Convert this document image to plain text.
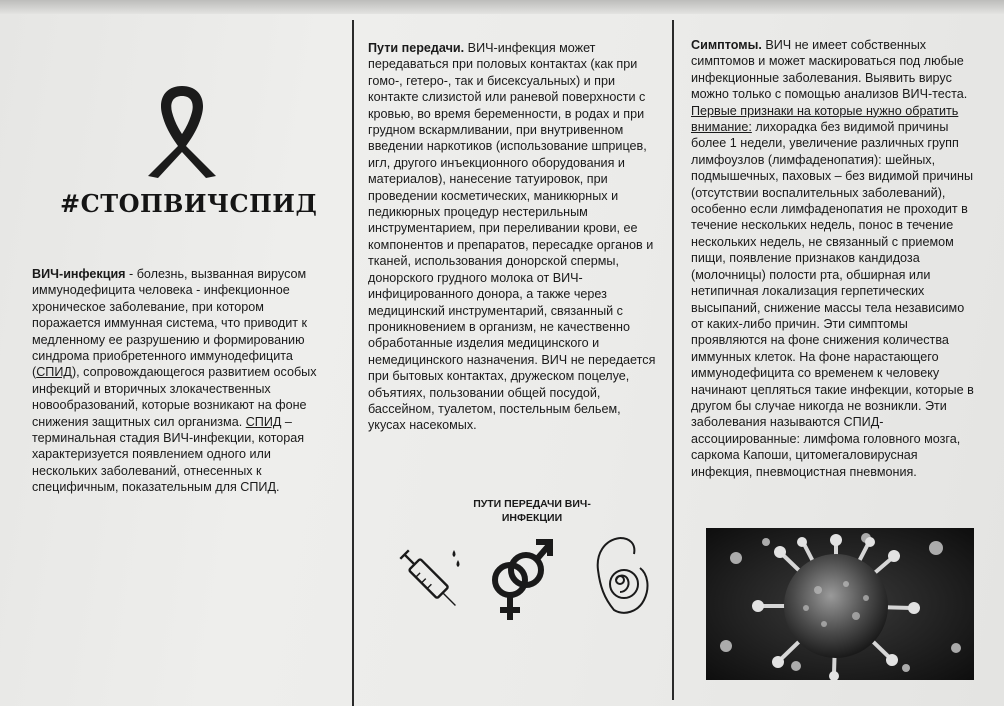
#СТОПВИЧСПИД
ВИЧ-инфекция - болезнь, вызванная вирусом иммунодефицита человека - инфекционное хроническое заболевание, при котором поражается иммунная система, что приводит к медленному ее разрушению и формированию синдрома приобретенного иммунодефицита (СПИД), сопровождающегося развитием особых инфекций и вторичных злокачественных новообразований, которые возникают на фоне снижения защитных сил организма. СПИД – терминальная стадия ВИЧ-инфекции, которая характеризуется появлением одного или нескольких заболеваний, отнесенных к специфичным, показательным для СПИД.
Пути передачи. ВИЧ-инфекция может передаваться при половых контактах (как при гомо-, гетеро-, так и бисексуальных) и при контакте слизистой или раневой поверхности с кровью, во время беременности, в родах и при грудном вскармливании, при внутривенном введении наркотиков (использование шприцев, игл, другого инъекционного оборудования и материалов), нанесение татуировок, при проведении косметических, маникюрных и педикюрных процедур нестерильным инструментарием, при переливании крови, ее компонентов и препаратов, пересадке органов и тканей, использования донорской спермы, донорского грудного молока от ВИЧ-инфицированного донора, а также через медицинский инструментарий, связанный с проникновением в организм, не качественно обработанные изделия медицинского и немедицинского назначения. ВИЧ не передается при бытовых контактах, дружеском поцелуе, объятиях, пользовании общей посудой, бассейном, туалетом, постельным бельем, укусах насекомых.
ПУТИ ПЕРЕДАЧИ ВИЧ-ИНФЕКЦИИ
Симптомы. ВИЧ не имеет собственных симптомов и может маскироваться под любые инфекционные заболевания. Выявить вирус можно только с помощью анализов ВИЧ-теста. Первые признаки на которые нужно обратить внимание: лихорадка без видимой причины более 1 недели, увеличение различных групп лимфоузлов (лимфаденопатия): шейных, подмышечных, паховых – без видимой причины (отсутствии воспалительных заболеваний), особенно если лимфаденопатия не проходит в течение нескольких недель, понос в течение нескольких недель, не связанный с приемом пищи, появление признаков кандидоза (молочницы) полости рта, обширная или нетипичная локализация герпетических высыпаний, снижение массы тела независимо от каких-либо причин. Эти симптомы проявляются на фоне снижения количества иммунных клеток. На фоне нарастающего иммунодефицита со временем к человеку начинают цепляться такие инфекции, которые в другом бы случае никогда не возникли. Эти заболевания называются СПИД-ассоциированные: лимфома головного мозга, саркома Капоши, цитомегаловирусная инфекция, пневмоцистная пневмония.
